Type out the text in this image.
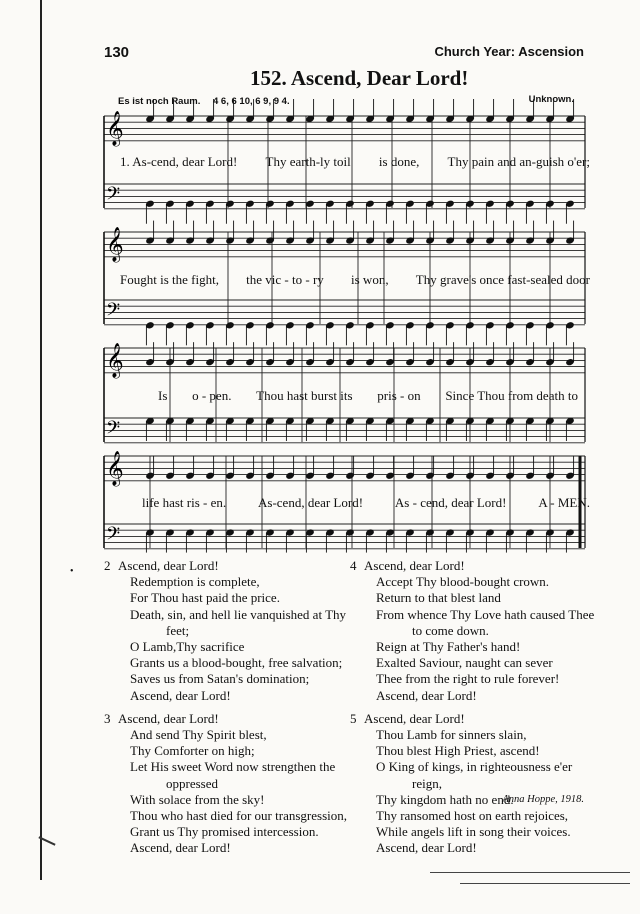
130	Church Year: Ascension
152. Ascend, Dear Lord!
Es ist noch Raum. 4 6, 6 10, 6 9, 9 4.	Unknown.
𝄞
𝄢
𝄞
𝄢
𝄞
𝄢
𝄞
𝄢
1. As-cend, dear Lord! Thy earth-ly toil is done, Thy pain and an-guish o'er;
Fought is the fight, the vic - to - ry is won, Thy grave's once fast-sealed door
Is o - pen. Thou hast burst its pris - on Since Thou from death to
life hast ris - en. As-cend, dear Lord! As - cend, dear Lord! A - MEN.
• 2 Ascend, dear Lord!
Redemption is complete,
For Thou hast paid the price.
Death, sin, and hell lie vanquished at Thy
feet;
O Lamb,Thy sacrifice
Grants us a blood-bought, free salvation;
Saves us from Satan's domination;
Ascend, dear Lord!
3 Ascend, dear Lord!
And send Thy Spirit blest,
Thy Comforter on high;
Let His sweet Word now strengthen the
oppressed
With solace from the sky!
Thou who hast died for our transgression,
Grant us Thy promised intercession.
Ascend, dear Lord!
4 Ascend, dear Lord!
Accept Thy blood-bought crown.
Return to that blest land
From whence Thy Love hath caused Thee
to come down.
Reign at Thy Father's hand!
Exalted Saviour, naught can sever
Thee from the right to rule forever!
Ascend, dear Lord!
5 Ascend, dear Lord!
Thou Lamb for sinners slain,
Thou blest High Priest, ascend!
O King of kings, in righteousness e'er
reign,
Thy kingdom hath no end.
Thy ransomed host on earth rejoices,
While angels lift in song their voices.
Ascend, dear Lord!
Anna Hoppe, 1918.
